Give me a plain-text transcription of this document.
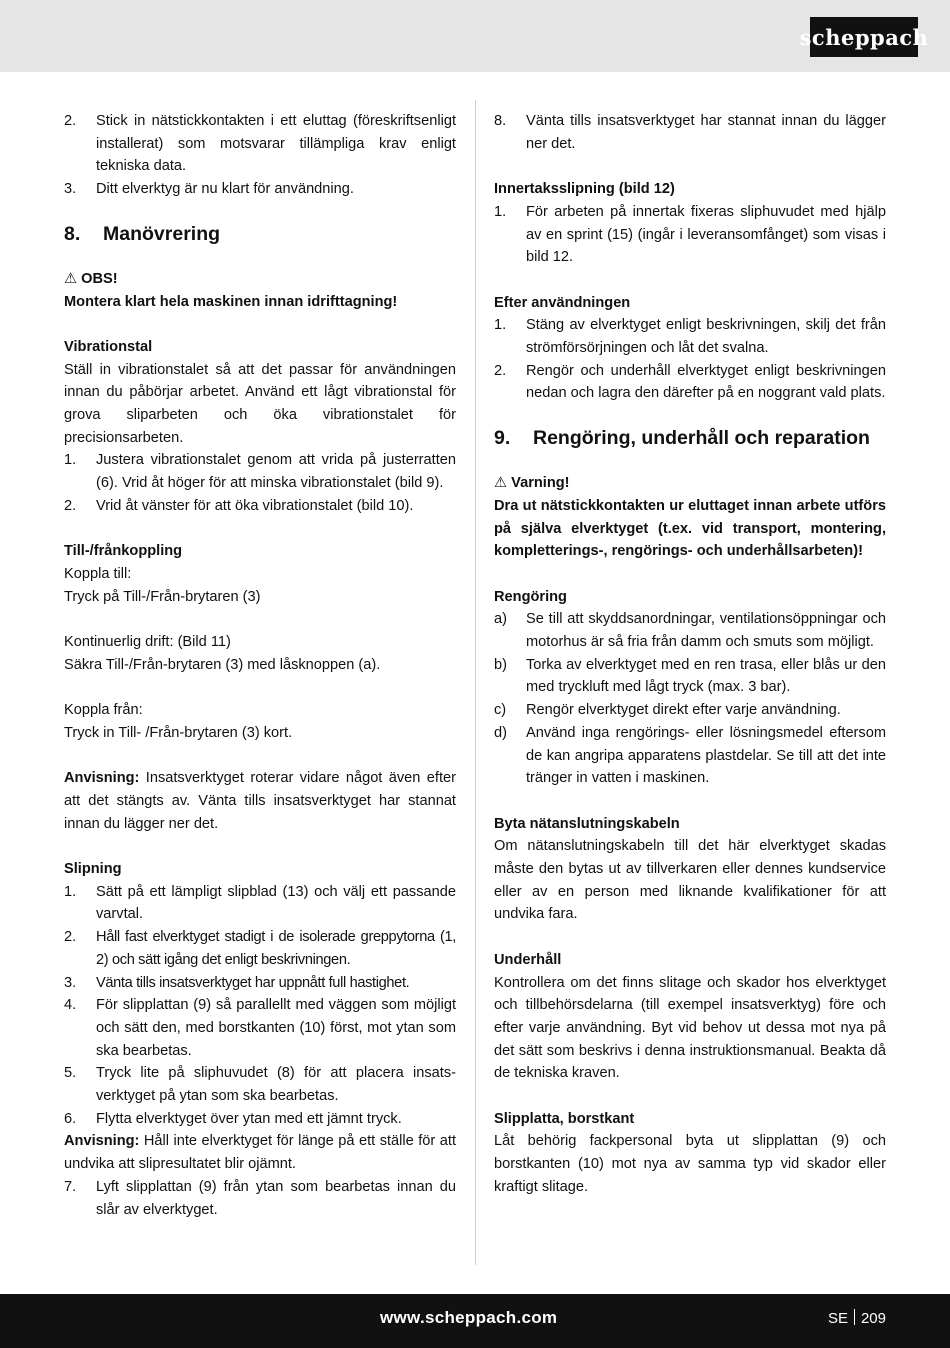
scheppach
2.	Stick in nätstickkontakten i ett eluttag (föreskriftsenligt installerat) som motsvarar tillämpliga krav enligt tekniska data.
3.	Ditt elverktyg är nu klart för användning.
8.	Manövrering

⚠ OBS!

Montera klart hela maskinen innan idrifttagning!

Vibrationstal

Ställ in vibrationstalet så att det passar för användningen innan du påbörjar arbetet. Använd ett lågt vibrationstal för grova sliparbeten och öka vibrationstalet för precisionsarbeten.

1.	Justera vibrationstalet genom att vrida på justerratten (6). Vrid åt höger för att minska vibrationstalet (bild 9).
2.	Vrid åt vänster för att öka vibrationstalet (bild 10).

Till-/frånkoppling

Koppla till:

Tryck på Till-/Från-brytaren (3)

Kontinuerlig drift: (Bild 11)

Säkra Till-/Från-brytaren (3) med låsknoppen (a).

Koppla från:

Tryck in Till- /Från-brytaren (3) kort.

Anvisning: Insatsverktyget roterar vidare något även efter att det stängts av. Vänta tills insatsverktyget har stannat innan du lägger ner det.

Slipning

1.	Sätt på ett lämpligt slipblad (13) och välj ett passande varvtal.
2.	Håll fast elverktyget stadigt i de isolerade greppytorna (1, 2) och sätt igång det enligt beskrivningen.
3.	Vänta tills insatsverktyget har uppnått full hastighet.
4.	För slipplattan (9) så parallellt med väggen som möjligt och sätt den, med borstkanten (10) först, mot ytan som ska bearbetas.
5.	Tryck lite på sliphuvudet (8) för att placera insatsverktyget på ytan som ska bearbetas.
6.	Flytta elverktyget över ytan med ett jämnt tryck.

Anvisning: Håll inte elverktyget för länge på ett ställe för att undvika att slipresultatet blir ojämnt.

7.	Lyft slipplattan (9) från ytan som bearbetas innan du slår av elverktyget.
8.	Vänta tills insatsverktyget har stannat innan du lägger ner det.

Innertaksslipning (bild 12)

1.	För arbeten på innertak fixeras sliphuvudet med hjälp av en sprint (15) (ingår i leveransomfånget) som visas i bild 12.

Efter användningen

1.	Stäng av elverktyget enligt beskrivningen, skilj det från strömförsörjningen och låt det svalna.
2.	Rengör och underhåll elverktyget enligt beskrivningen nedan och lagra den därefter på en noggrant vald plats.
9.	Rengöring, underhåll och reparation

⚠ Varning!

Dra ut nätstickkontakten ur eluttaget innan arbete utförs på själva elverktyget (t.ex. vid transport, montering, kompletterings-, rengörings- och underhållsarbeten)!

Rengöring

a)	Se till att skyddsanordningar, ventilationsöppningar och motorhus är så fria från damm och smuts som möjligt.
b)	Torka av elverktyget med en ren trasa, eller blås ur den med tryckluft med lågt tryck (max. 3 bar).
c)	Rengör elverktyget direkt efter varje användning.
d)	Använd inga rengörings- eller lösningsmedel eftersom de kan angripa apparatens plastdelar. Se till att det inte tränger in vatten i maskinen.

Byta nätanslutningskabeln

Om nätanslutningskabeln till det här elverktyget skadas måste den bytas ut av tillverkaren eller dennes kundservice eller av en person med liknande kvalifikationer för att undvika fara.

Underhåll

Kontrollera om det finns slitage och skador hos elverktyget och tillbehörsdelarna (till exempel insatsverktyg) före och efter varje användning. Byt vid behov ut dessa mot nya på det sätt som beskrivs i denna instruktionsmanual. Beakta då de tekniska kraven.

Slipplatta, borstkant

Låt behörig fackpersonal byta ut slipplattan (9) och borstkanten (10) mot nya av samma typ vid skador eller kraftigt slitage.

www.scheppach.com	SE 209
